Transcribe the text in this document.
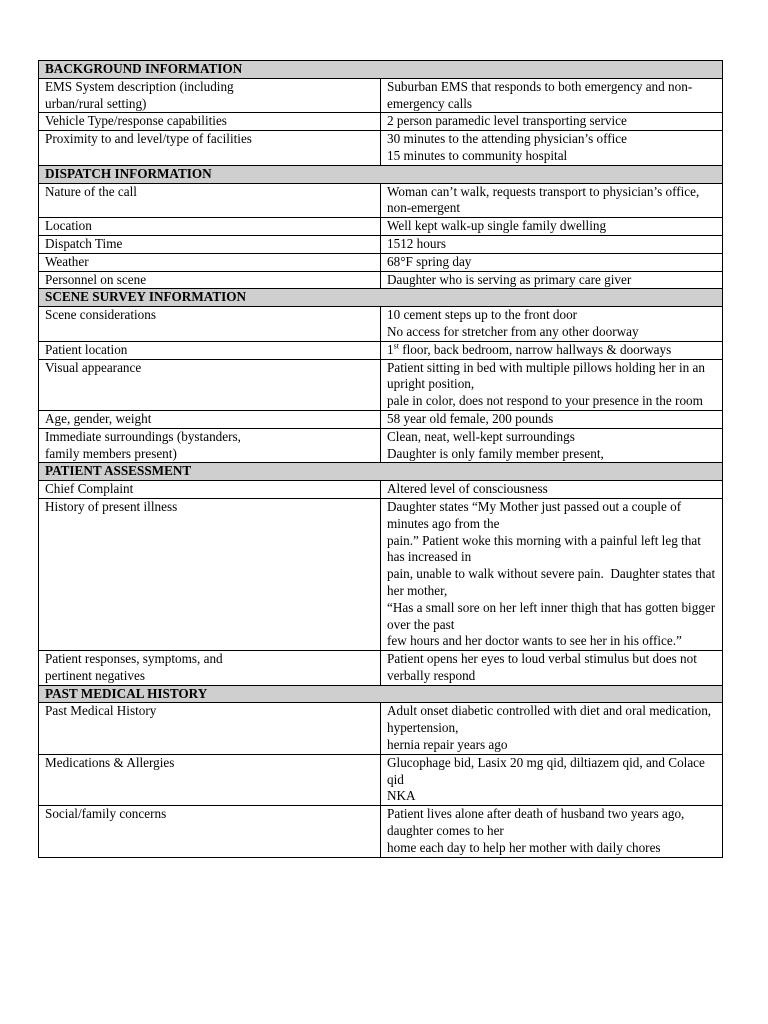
BACKGROUND INFORMATION	

EMS System description (including
urban/rural setting)	Suburban EMS that responds to both emergency and non-emergency calls

Vehicle Type/response capabilities	2 person paramedic level transporting service

Proximity to and level/type of facilities	30 minutes to the attending physician’s office
15 minutes to community hospital

DISPATCH INFORMATION	

Nature of the call	Woman can’t walk, requests transport to physician’s office, non-emergent

Location	Well kept walk-up single family dwelling

Dispatch Time	1512 hours

Weather	68°F spring day

Personnel on scene	Daughter who is serving as primary care giver

SCENE SURVEY INFORMATION	

Scene considerations	10 cement steps up to the front door
No access for stretcher from any other doorway

Patient location	1st floor, back bedroom, narrow hallways & doorways

Visual appearance	Patient sitting in bed with multiple pillows holding her in an upright position,
pale in color, does not respond to your presence in the room

Age, gender, weight	58 year old female, 200 pounds

Immediate surroundings (bystanders,
family members present)	Clean, neat, well-kept surroundings
Daughter is only family member present,

PATIENT ASSESSMENT	

Chief Complaint	Altered level of consciousness

History of present illness	Daughter states “My Mother just passed out a couple of minutes ago from the
pain.” Patient woke this morning with a painful left leg that has increased in
pain, unable to walk without severe pain.  Daughter states that her mother,
“Has a small sore on her left inner thigh that has gotten bigger over the past
few hours and her doctor wants to see her in his office.”

Patient responses, symptoms, and
pertinent negatives	Patient opens her eyes to loud verbal stimulus but does not verbally respond

PAST MEDICAL HISTORY	

Past Medical History	Adult onset diabetic controlled with diet and oral medication, hypertension,
hernia repair years ago

Medications & Allergies	Glucophage bid, Lasix 20 mg qid, diltiazem qid, and Colace qid
NKA

Social/family concerns	Patient lives alone after death of husband two years ago, daughter comes to her
home each day to help her mother with daily chores
